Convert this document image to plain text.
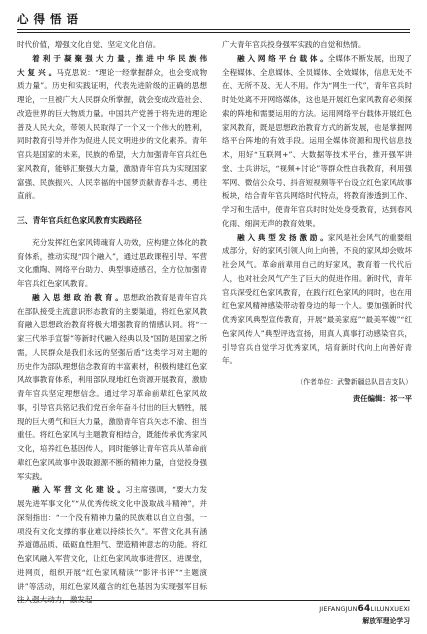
心 得 悟 语

时代价值，增强文化自觉、坚定文化自信。

着 利 于 凝 聚 强 大 力 量 ，推 进 中 华 民 族 伟 大 复 兴 。马克思说：“理论一经掌握群众，也会变成物质力量”。历史和实践证明，代表先进阶级的正确的思想理论，一旦被广大人民群众所掌握，就会变成改造社会、改造世界的巨大物质力量。中国共产党善于将先进的理论普及人民大众，带领人民取得了一个又一个伟大的胜利，同时教育引导并作为促进人民文明进步的文化素养。青年官兵是国家的未来，民族的希望，大力加强青年官兵红色家风教育，能够汇聚强大力量，激励青年官兵为实现国家富强、民族振兴、人民幸福的中国梦贡献青春斗志、勇往直前。

三、青年官兵红色家风教育实践路径

充分发挥红色家风铸魂育人功效，应构建立体化的教育体系，推动实现“四个融入”，通过思政课程引导、军营文化熏陶、网络平台助力、典型事迹感召，全方位加强青年官兵红色家风教育。

融 入 思 想 政 治 教 育 。思想政治教育是青年官兵在部队接受主流意识形态教育的主要渠道，将红色家风教育融入思想政治教育将极大增强教育的情感认同。将“一家三代举手宣誓”等新时代融入经典以及“国防是国家之所需，人民群众是我们永远的坚强后盾”这类学习对主题的历史作为部队理想信念教育的丰富素材，积极构建红色家风故事教育体系，利用部队现地红色资源开展教育，激励青年官兵坚定理想信念。通过学习革命前辈红色家风故事，引导官兵铭记我们党百余年奋斗付出的巨大牺牲，展现的巨大勇气和巨大力量，激励青年官兵矢志不渝、担当重任。将红色家风与主题教育相结合，既能传承优秀家风文化，培养红色基因传人，同时能够让青年官兵从革命前辈红色家风故事中汲取源源不断的精神力量，自觉投身强军实践。

融 入 军 营 文 化 建 设 。习主席强调，“要大力发展先进军事文化”“从优秀传统文化中汲取战斗精神”，并深刻指出：“一个没有精神力量的民族难以自立自强，一项没有文化支撑的事业难以持续长久”。军营文化具有涵养道德品质、砥砺血性胆气、塑造精神意志的功能。将红色家风融入军营文化，让红色家风故事进营区、进课堂，进网页，组织开展“红色家风精读”“影评书评”“主题演讲”等活动，用红色家风蕴含的红色基因为实现强军目标注入强大动力，激发起

广大青年官兵投身强军实践的自觉和热情。

融 入 网 络 平 台 载 体 。全媒体不断发展，出现了全程媒体、全息媒体、全员媒体、全效媒体，信息无处不在、无所不及、无人不用。作为“网生一代”，青年官兵时时处处离不开网络媒体，这也是开展红色家风教育必须探索的阵地和需要运用的方法。运用网络平台载体开展红色家风教育，既是思想政治教育方式的新发展，也是掌握网络平台阵地的有效手段。运用全媒体资源和现代信息技术，用好“互联网+”、大数据等技术平台，推开强军讲堂、士兵讲坛，“视频+讨论”等群众性自我教育，利用强军网、微信公众号、抖音短视频等平台设立红色家风故事板块，结合青年官兵网络时代特点，将教育渗透到工作、学习和生活中，使青年官兵时时处处身受教育，达到春风化雨、细润无声的教育效果。

融 入 典 型 发 扬 激 励 。家风是社会风气的重要组成部分，好的家风引领人向上向善，不良的家风却会败坏社会风气。革命前辈用自己的好家风，教育着一代代后人，也对社会风气产生了巨大的促进作用。新时代，青年官兵深受红色家风教育，在践行红色家风的同时，也在用红色家风精神感染带动着身边的每一个人。要加强新时代优秀家风典型宣传教育，开展“最美家庭”“最美军嫂”“红色家风传人”典型评选宣扬，用真人真事打动感染官兵，引导官兵自觉学习优秀家风，培育新时代向上向善好青年。

（作者单位：武警新疆总队昌吉支队）

责任编辑：祁一平

JIEFANGJUN64LILUNXUEXI
解放军理论学习
